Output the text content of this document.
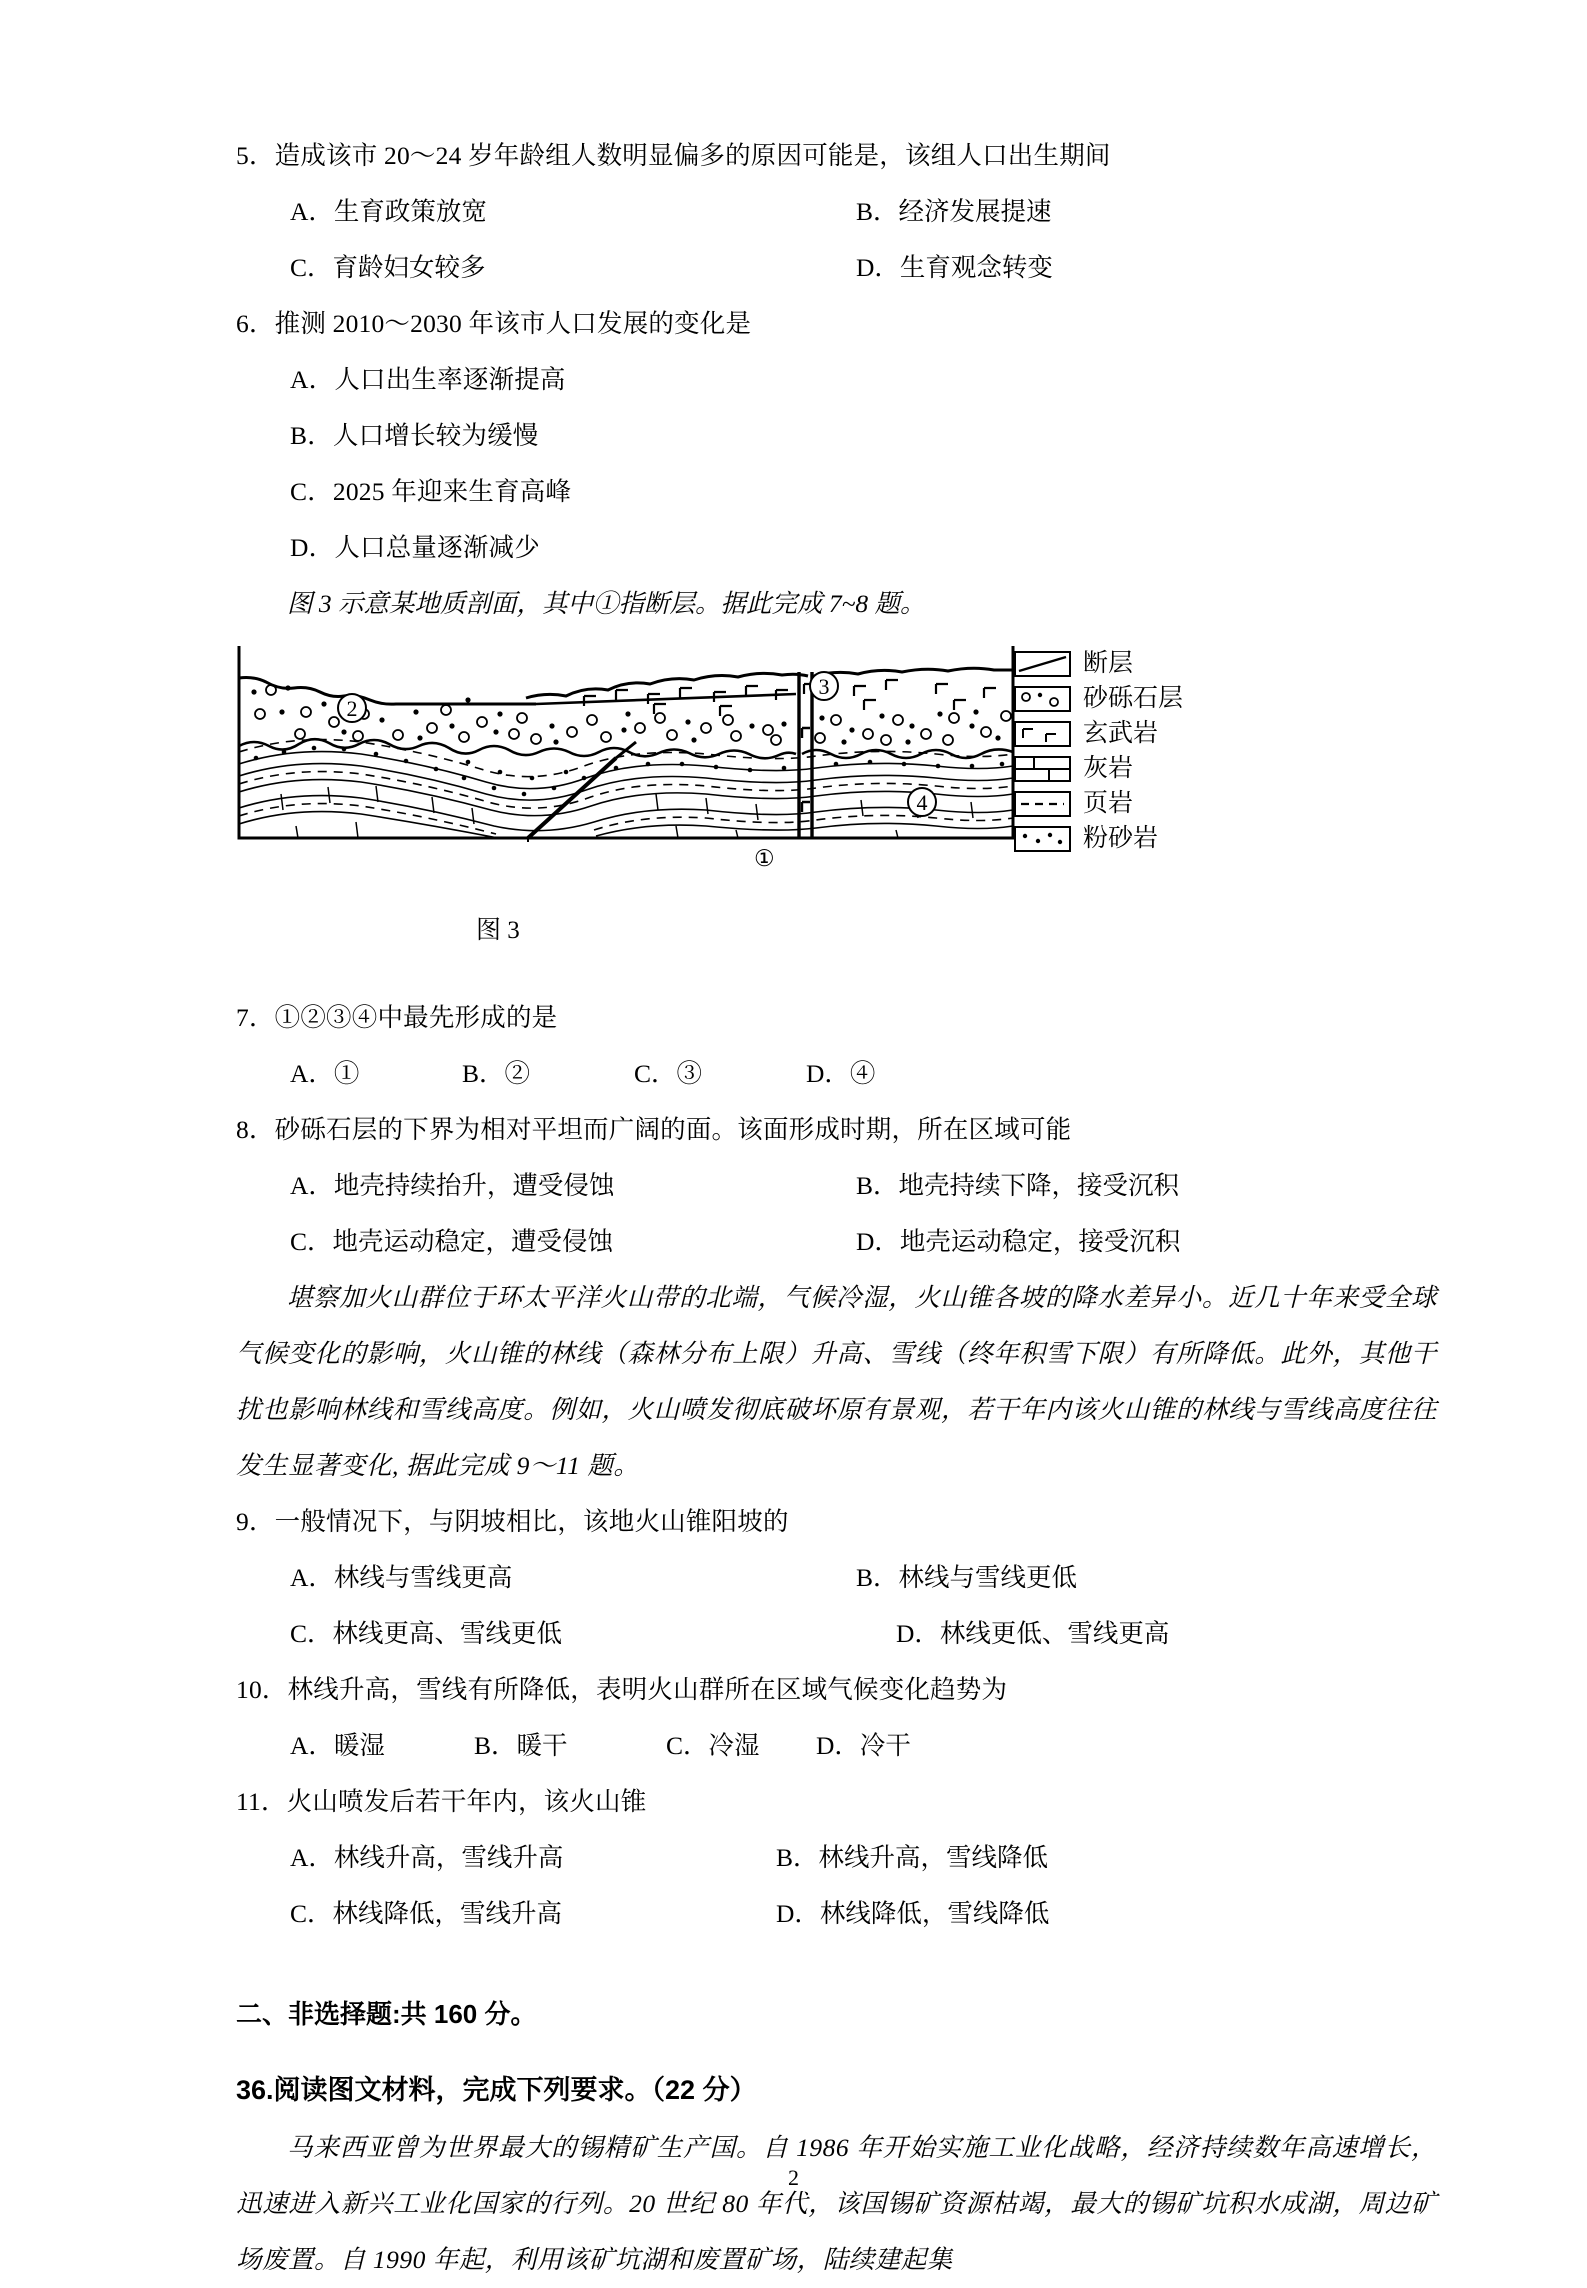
5．造成该市 20～24 岁年龄组人数明显偏多的原因可能是，该组人口出生期间
A．生育政策放宽	B．经济发展提速
C．育龄妇女较多	D．生育观念转变
6．推测 2010～2030 年该市人口发展的变化是
A．人口出生率逐渐提高
B．人口增长较为缓慢
C．2025 年迎来生育高峰
D．人口总量逐渐减少
图 3 示意某地质剖面，其中①指断层。据此完成 7~8 题。
2
3
4
①
断层
砂砾石层
玄武岩
灰岩
页岩
粉砂岩
图 3
7．①②③④中最先形成的是
A．①	B．②	C．③	D．④
8．砂砾石层的下界为相对平坦而广阔的面。该面形成时期，所在区域可能
A．地壳持续抬升，遭受侵蚀	B．地壳持续下降，接受沉积
C．地壳运动稳定，遭受侵蚀	D．地壳运动稳定，接受沉积
堪察加火山群位于环太平洋火山带的北端，气候冷湿，火山锥各坡的降水差异小。近几十年来受全球气候变化的影响，火山锥的林线（森林分布上限）升高、雪线（终年积雪下限）有所降低。此外，其他干扰也影响林线和雪线高度。例如，火山喷发彻底破坏原有景观，若干年内该火山锥的林线与雪线高度往往发生显著变化, 据此完成 9～11 题。
9．一般情况下，与阴坡相比，该地火山锥阳坡的
A．林线与雪线更高	B．林线与雪线更低
C．林线更高、雪线更低	D．林线更低、雪线更高
10．林线升高，雪线有所降低，表明火山群所在区域气候变化趋势为
A．暖湿	B．暖干	C．冷湿 D．冷干
11．火山喷发后若干年内，该火山锥
A．林线升高，雪线升高	B．林线升高，雪线降低
C．林线降低，雪线升高	D．林线降低，雪线降低
二、非选择题:共 160 分。
36.阅读图文材料，完成下列要求。（22 分）
马来西亚曾为世界最大的锡精矿生产国。自 1986 年开始实施工业化战略，经济持续数年高速增长，迅速进入新兴工业化国家的行列。20 世纪 80 年代，该国锡矿资源枯竭，最大的锡矿坑积水成湖，周边矿场废置。自 1990 年起，利用该矿坑湖和废置矿场，陆续建起集
2
